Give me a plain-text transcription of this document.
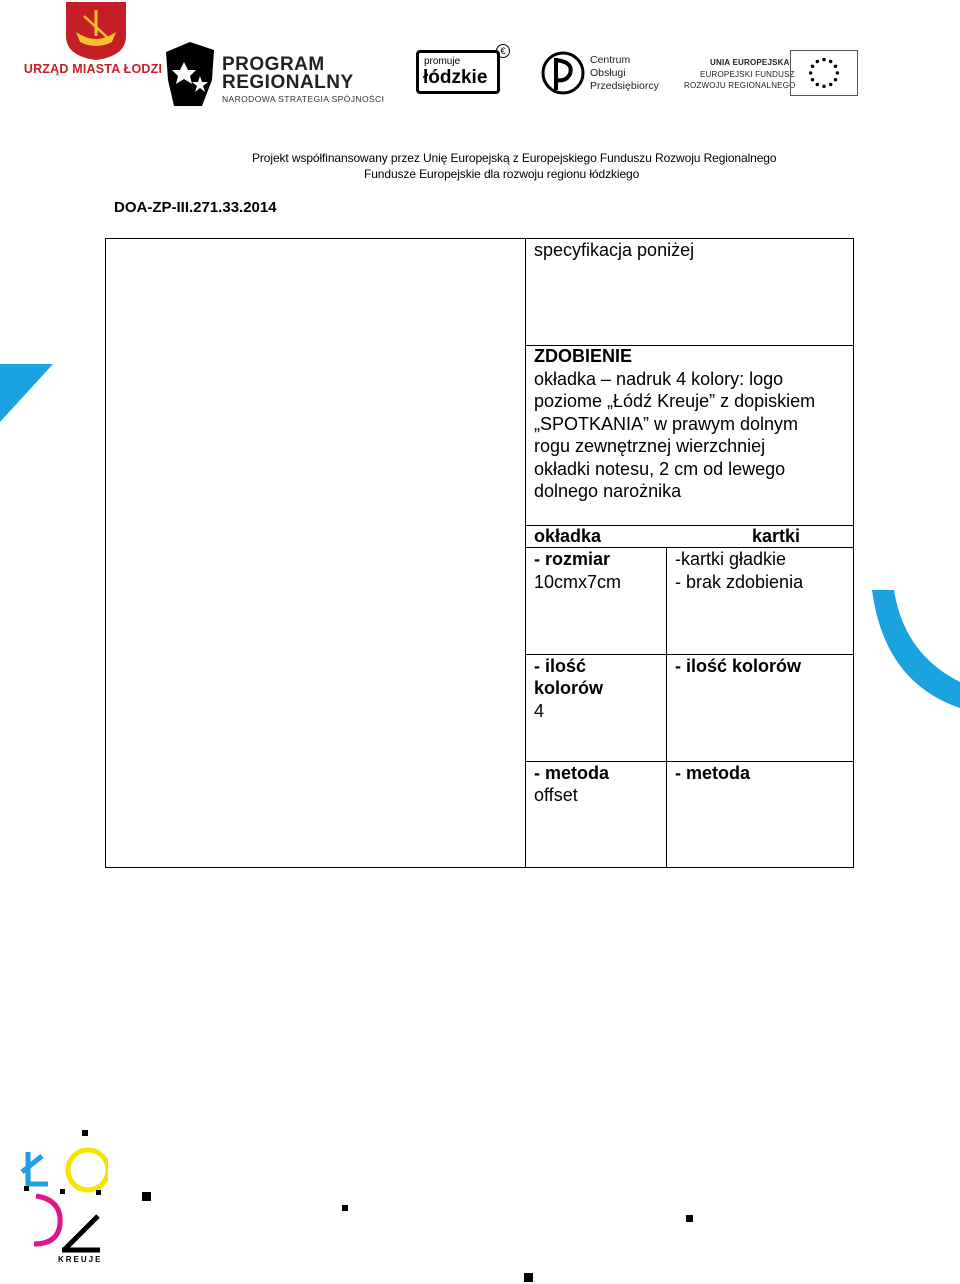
URZĄD MIASTA ŁODZI	PROGRAM
REGIONALNY
NARODOWA STRATEGIA SPÓJNOŚCI
promuje
łódzkie
€
Centrum
Obsługi
Przedsiębiorcy
UNIA EUROPEJSKA
EUROPEJSKI FUNDUSZ
ROZWOJU REGIONALNEGO
Projekt współfinansowany przez Unię Europejską z Europejskiego Funduszu Rozwoju Regionalnego
Fundusze Europejskie dla rozwoju regionu łódzkiego
DOA-ZP-III.271.33.2014
specyfikacja poniżej
ZDOBIENIE
okładka – nadruk 4 kolory: logo
poziome „Łódź Kreuje” z dopiskiem
„SPOTKANIA” w prawym dolnym
rogu zewnętrznej wierzchniej
okładki notesu, 2 cm od lewego
dolnego narożnika
okładka	kartki
- rozmiar
10cmx7cm
-kartki gładkie
- brak zdobienia
- ilość
kolorów
4
- ilość kolorów
- metoda
offset
- metoda
KREUJE
